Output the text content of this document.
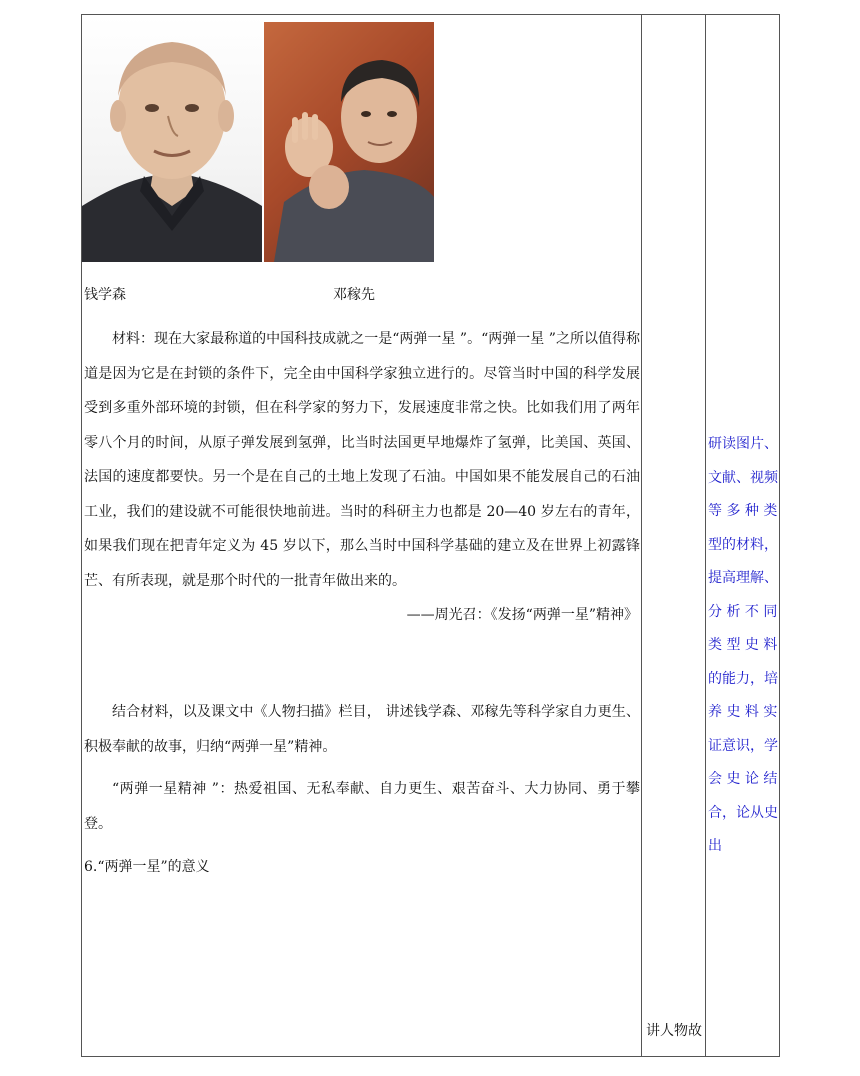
钱学森	邓稼先
材料：现在大家最称道的中国科技成就之一是“两弹一星 ”。“两弹一星 ”之所以值得称道是因为它是在封锁的条件下，完全由中国科学家独立进行的。尽管当时中国的科学发展受到多重外部环境的封锁，但在科学家的努力下，发展速度非常之快。比如我们用了两年零八个月的时间，从原子弹发展到氢弹，比当时法国更早地爆炸了氢弹，比美国、英国、法国的速度都要快。另一个是在自己的土地上发现了石油。中国如果不能发展自己的石油工业，我们的建设就不可能很快地前进。当时的科研主力也都是 20—40 岁左右的青年，如果我们现在把青年定义为 45 岁以下，那么当时中国科学基础的建立及在世界上初露锋芒、有所表现，就是那个时代的一批青年做出来的。
——周光召：《发扬“两弹一星”精神》
结合材料，以及课文中《人物扫描》栏目， 讲述钱学森、邓稼先等科学家自力更生、积极奉献的故事，归纳“两弹一星”精神。
“两弹一星精神 ”：热爱祖国、无私奉献、自力更生、艰苦奋斗、大力协同、勇于攀登。
6.“两弹一星”的意义
研读图片、
文献、视频
等 多 种 类
型的材料，
提高理解、
分 析 不 同
类 型 史 料
的能力，培
养 史 料 实
证意识，学
会 史 论 结
合，论从史
出
讲人物故
